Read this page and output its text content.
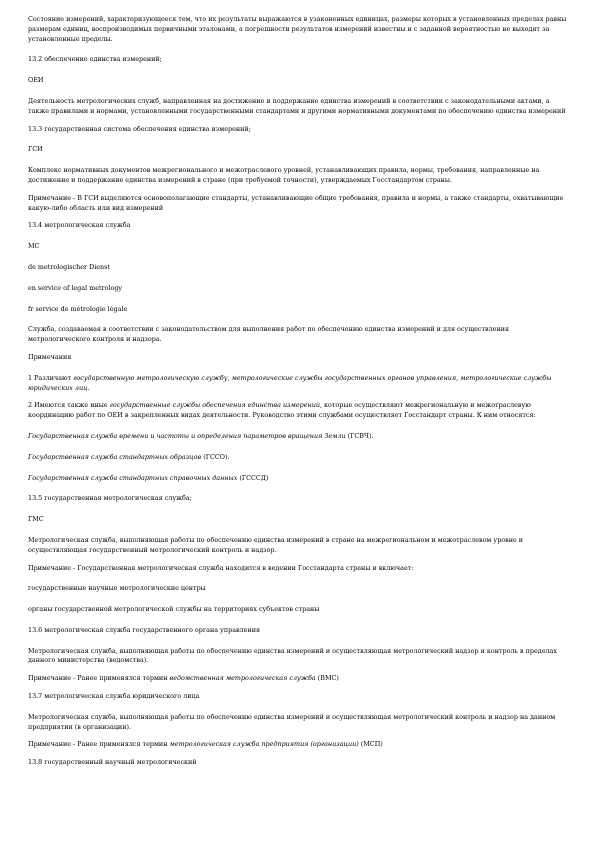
Состояние измерений, характеризующееся тем, что их результаты выражаются в узаконенных единицах, размеры которых в установленных пределах равны размерам единиц, воспроизводимых первичными эталонами, а погрешности результатов измерений известны и с заданной вероятностью не выходят за установленные пределы.

13.2 обеспечение единства измерений;

ОЕИ

Деятельность метрологических служб, направленная на достижение и поддержание единства измерений в соответствии с законодательными актами, а также правилами и нормами, установленными государственными стандартами и другими нормативными документами по обеспечению единства измерений

13.3 государственная система обеспечения единства измерений;

ГСИ

Комплекс нормативных документов межрегионального и межотраслевого уровней, устанавливающих правила, нормы, требования, направленные на достижение и поддержание единства измерений в стране (при требуемой точности), утверждаемых Госстандартом страны.

Примечание - В ГСИ выделяются основополагающие стандарты, устанавливающие общие требования, правила и нормы, а также стандарты, охватывающие какую-либо область или вид измерений

13.4 метрологическая служба

МС

de metrologischer Dienst

en service of legal metrology

fr service de métrologie légale

Служба, создаваемая в соответствии с законодательством для выполнения работ по обеспечению единства измерений и для осуществления метрологического контроля и надзора.

Примечания

1 Различают государственную метрологическую службу, метрологические службы государственных органов управления, метрологические службы юридических лиц.

2 Имеются также иные государственные службы обеспечения единства измерений, которые осуществляют межрегиональную и межотраслевую координацию работ по ОЕИ в закрепленных видах деятельности. Руководство этими службами осуществляет Госстандарт страны. К ним относятся:

Государственная служба времени и частоты и определения параметров вращения Земли (ГСВЧ).

Государственная служба стандартных образцов (ГССО).

Государственная служба стандартных справочных данных (ГСССД)

13.5 государственная метрологическая служба;

ГМС

Метрологическая служба, выполняющая работы по обеспечению единства измерений в стране на межрегиональном и межотраслевом уровне и осуществляющая государственный метрологический контроль и надзор.

Примечание - Государственная метрологическая служба находится в ведении Госстандарта страны и включает:

государственные научные метрологические центры

органы государственной метрологической службы на территориях субъектов страны

13.6 метрологическая служба государственного органа управления

Метрологическая служба, выполняющая работы по обеспечению единства измерений и осуществляющая метрологический надзор и контроль в пределах данного министерства (ведомства).

Примечание - Ранее применялся термин ведомственная метрологическая служба (ВМС)

13.7 метрологическая служба юридического лица

Метрологическая служба, выполняющая работы по обеспечению единства измерений и осуществляющая метрологический контроль и надзор на данном предприятии (в организации).

Примечание - Ранее применялся термин метрологическая служба предприятия (организации) (МСП)

13.8 государственный научный метрологический
